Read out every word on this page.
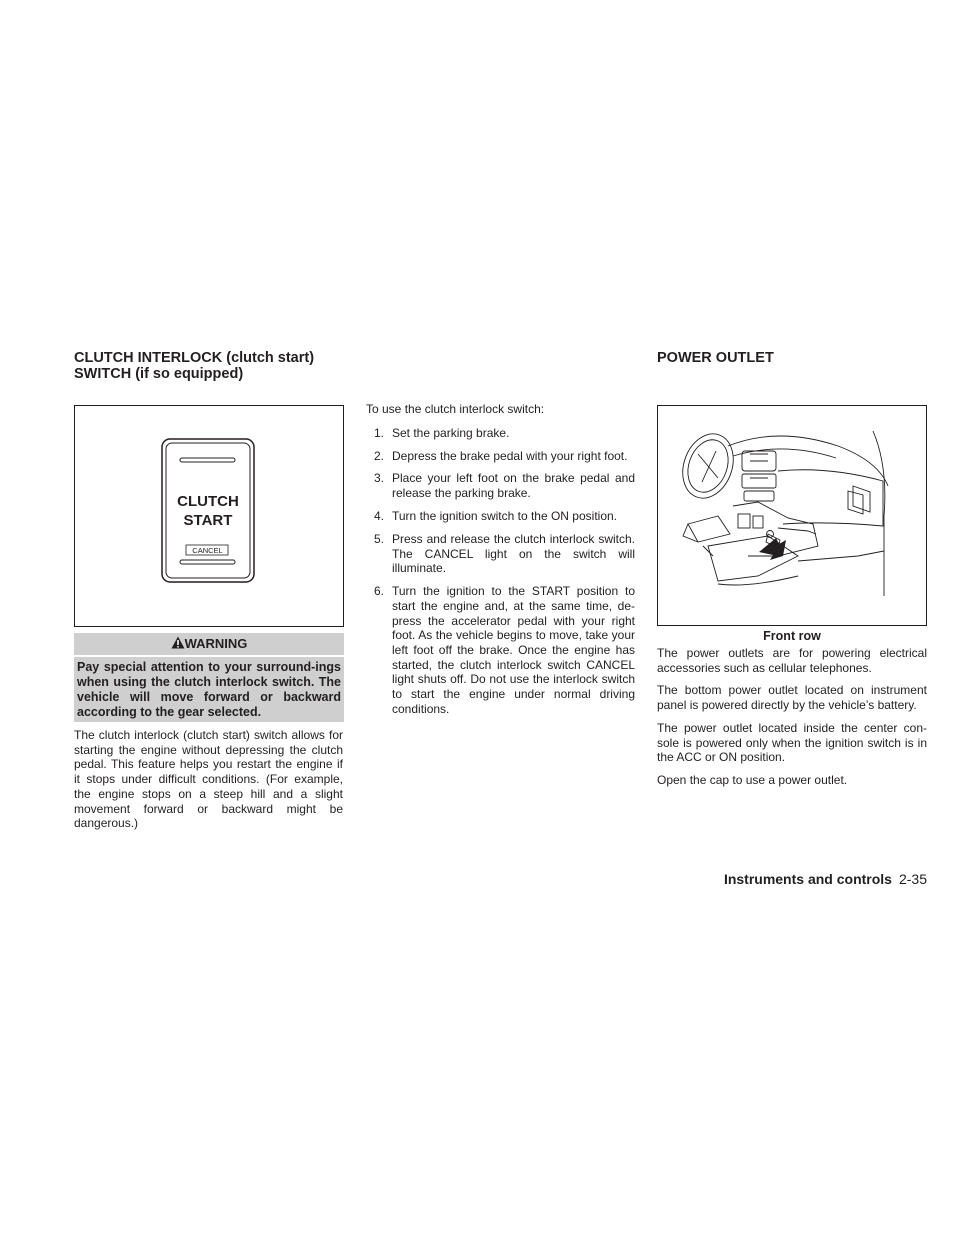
CLUTCH INTERLOCK (clutch start)
SWITCH (if so equipped)
CLUTCH
START
CANCEL
WARNING
Pay special attention to your surround-ings when using the clutch interlock switch. The vehicle will move forward or backward according to the gear selected.

The clutch interlock (clutch start) switch allows for starting the engine without depressing the clutch pedal. This feature helps you restart the engine if it stops under difficult conditions. (For example, the engine stops on a steep hill and a slight movement forward or backward might be dangerous.)

To use the clutch interlock switch:

1. Set the parking brake.
2. Depress the brake pedal with your right foot.
3. Place your left foot on the brake pedal and release the parking brake.
4. Turn the ignition switch to the ON position.
5. Press and release the clutch interlock switch. The CANCEL light on the switch will illuminate.
6. Turn the ignition to the START position to start the engine and, at the same time, de-press the accelerator pedal with your right foot. As the vehicle begins to move, take your left foot off the brake. Once the engine has started, the clutch interlock switch CANCEL light shuts off. Do not use the interlock switch to start the engine under normal driving conditions.
POWER OUTLET
Front row

The power outlets are for powering electrical accessories such as cellular telephones.

The bottom power outlet located on instrument panel is powered directly by the vehicle’s battery.

The power outlet located inside the center con-sole is powered only when the ignition switch is in the ACC or ON position.

Open the cap to use a power outlet.

Instruments and controls 2-35
